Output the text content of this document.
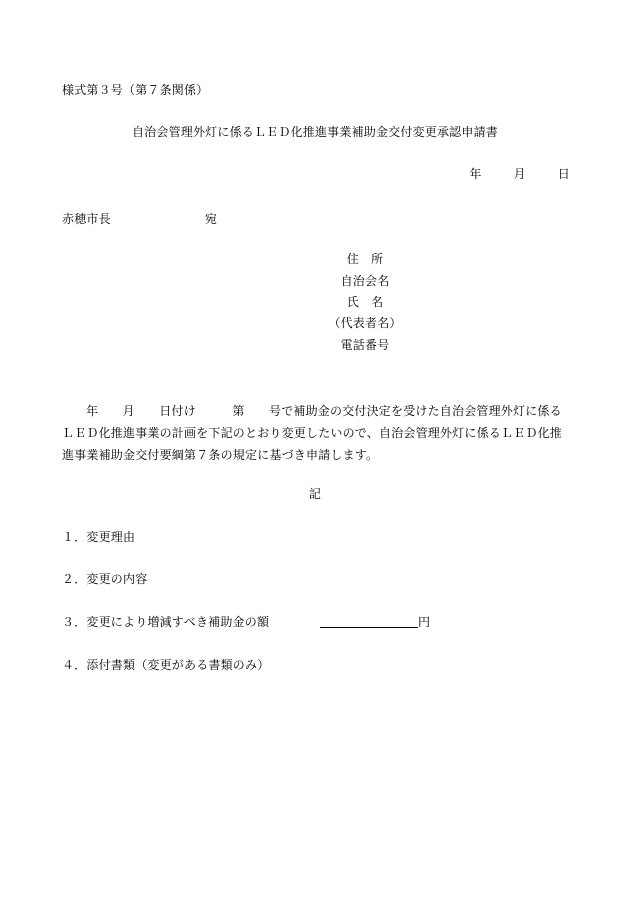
様式第３号（第７条関係）
自治会管理外灯に係るＬＥＤ化推進事業補助金交付変更承認申請書
年	月	日
赤穂市長	宛
住　所
自治会名
氏　名
（代表者名）
電話番号
年　　月　　日付け　　　第　　号で補助金の交付決定を受けた自治会管理外灯に係るＬＥＤ化推進事業の計画を下記のとおり変更したいので、自治会管理外灯に係るＬＥＤ化推進事業補助金交付要綱第７条の規定に基づき申請します。
記
１．変更理由
２．変更の内容
３．変更により増減すべき補助金の額	円
４．添付書類（変更がある書類のみ）
